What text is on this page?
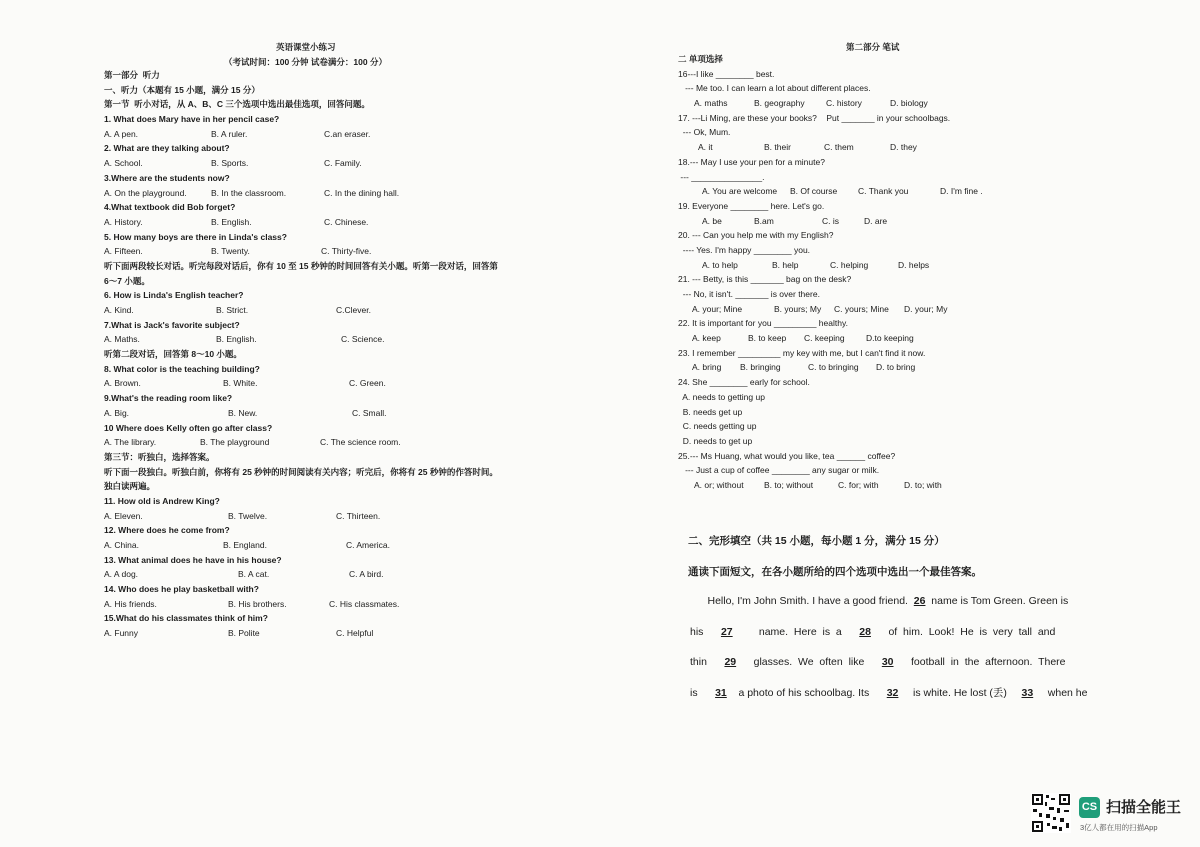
英语课堂小练习
（考试时间：100 分钟 试卷满分：100 分）
第一部分  听力
一、听力（本题有 15 小题，满分 15 分）
第一节  听小对话，从 A、B、C 三个选项中选出最佳选项，回答问题。
1. What does Mary have in her pencil case?
A. A pen.	B. A ruler.	C.an eraser.
2. What are they talking about?
A. School.	B. Sports.	C. Family.
3.Where are the students now?
A. On the playground.	B. In the classroom.	C. In the dining hall.
4.What textbook did Bob forget?
A. History.	B. English.	C. Chinese.
5. How many boys are there in Linda's class?
A. Fifteen.	B. Twenty.	C. Thirty-five.
听下面两段较长对话。听完每段对话后，你有 10 至 15 秒钟的时间回答有关小题。听第一段对话，回答第
6～7 小题。
6. How is Linda's English teacher?
A. Kind.	B. Strict.	C.Clever.
7.What is Jack's favorite subject?
A. Maths.	B. English.	C. Science.
听第二段对话，回答第 8～10 小题。
8. What color is the teaching building?
A. Brown.	B. White.	C. Green.
9.What's the reading room like?
A. Big.	B. New.	C. Small.
10 Where does Kelly often go after class?
A. The library.	B. The playground	C. The science room.
第三节：听独白，选择答案。
听下面一段独白。听独白前，你将有 25 秒钟的时间阅读有关内容；听完后，你将有 25 秒钟的作答时间。
独白读两遍。
11. How old is Andrew King?
A. Eleven.	B. Twelve.	C. Thirteen.
12. Where does he come from?
A. China.	B. England.	C. America.
13. What animal does he have in his house?
A. A dog.	B. A cat.	C. A bird.
14. Who does he play basketball with?
A. His friends.	B. His brothers.	C. His classmates.
15.What do his classmates think of him?
A. Funny	B. Polite	C. Helpful
第二部分 笔试
二 单项选择
16---I like ________ best.
--- Me too. I can learn a lot about different places.
A. maths	B. geography	C. history	D. biology
17. ---Li Ming, are these your books?    Put _______ in your schoolbags.
--- Ok, Mum.
A. it	B. their	C. them	D. they
18.--- May I use your pen for a minute?
--- _______________.
A. You are welcome B. Of course C. Thank you	D. I'm fine .
19. Everyone ________ here. Let's go.
A. be	B.am	C. is	D. are
20. --- Can you help me with my English?
---- Yes. I'm happy ________ you.
A. to help	B. help	C. helping	D. helps
21. --- Betty, is this _______ bag on the desk?
--- No, it isn't. _______ is over there.
A. your; Mine	B. yours; My C. yours; Mine D. your; My
22. It is important for you _________ healthy.
A. keep	B. to keep C. keeping	D.to keeping
23. I remember _________ my key with me, but I can't find it now.
A. bring B. bringing	C. to bringing D. to bring
24. She ________ early for school.
A. needs to getting up
B. needs get up
C. needs getting up
D. needs to get up
25.--- Ms Huang, what would you like, tea ______ coffee?
--- Just a cup of coffee ________ any sugar or milk.
A. or; without B. to; without	C. for; with	D. to; with
二、完形填空（共 15 小题，每小题 1 分，满分 15 分）
通读下面短文，在各小题所给的四个选项中选出一个最佳答案。
Hello, I'm John Smith. I have a good friend.  26  name is Tom Green. Green is
his      27         name.  Here  is  a      28      of  him.  Look!  He  is  very  tall  and
thin      29      glasses.  We  often  like      30      football  in  the  afternoon.  There
is      31    a photo of his schoolbag. Its      32     is white. He lost (丢)     33     when he
CS 扫描全能王
3亿人都在用的扫描App
